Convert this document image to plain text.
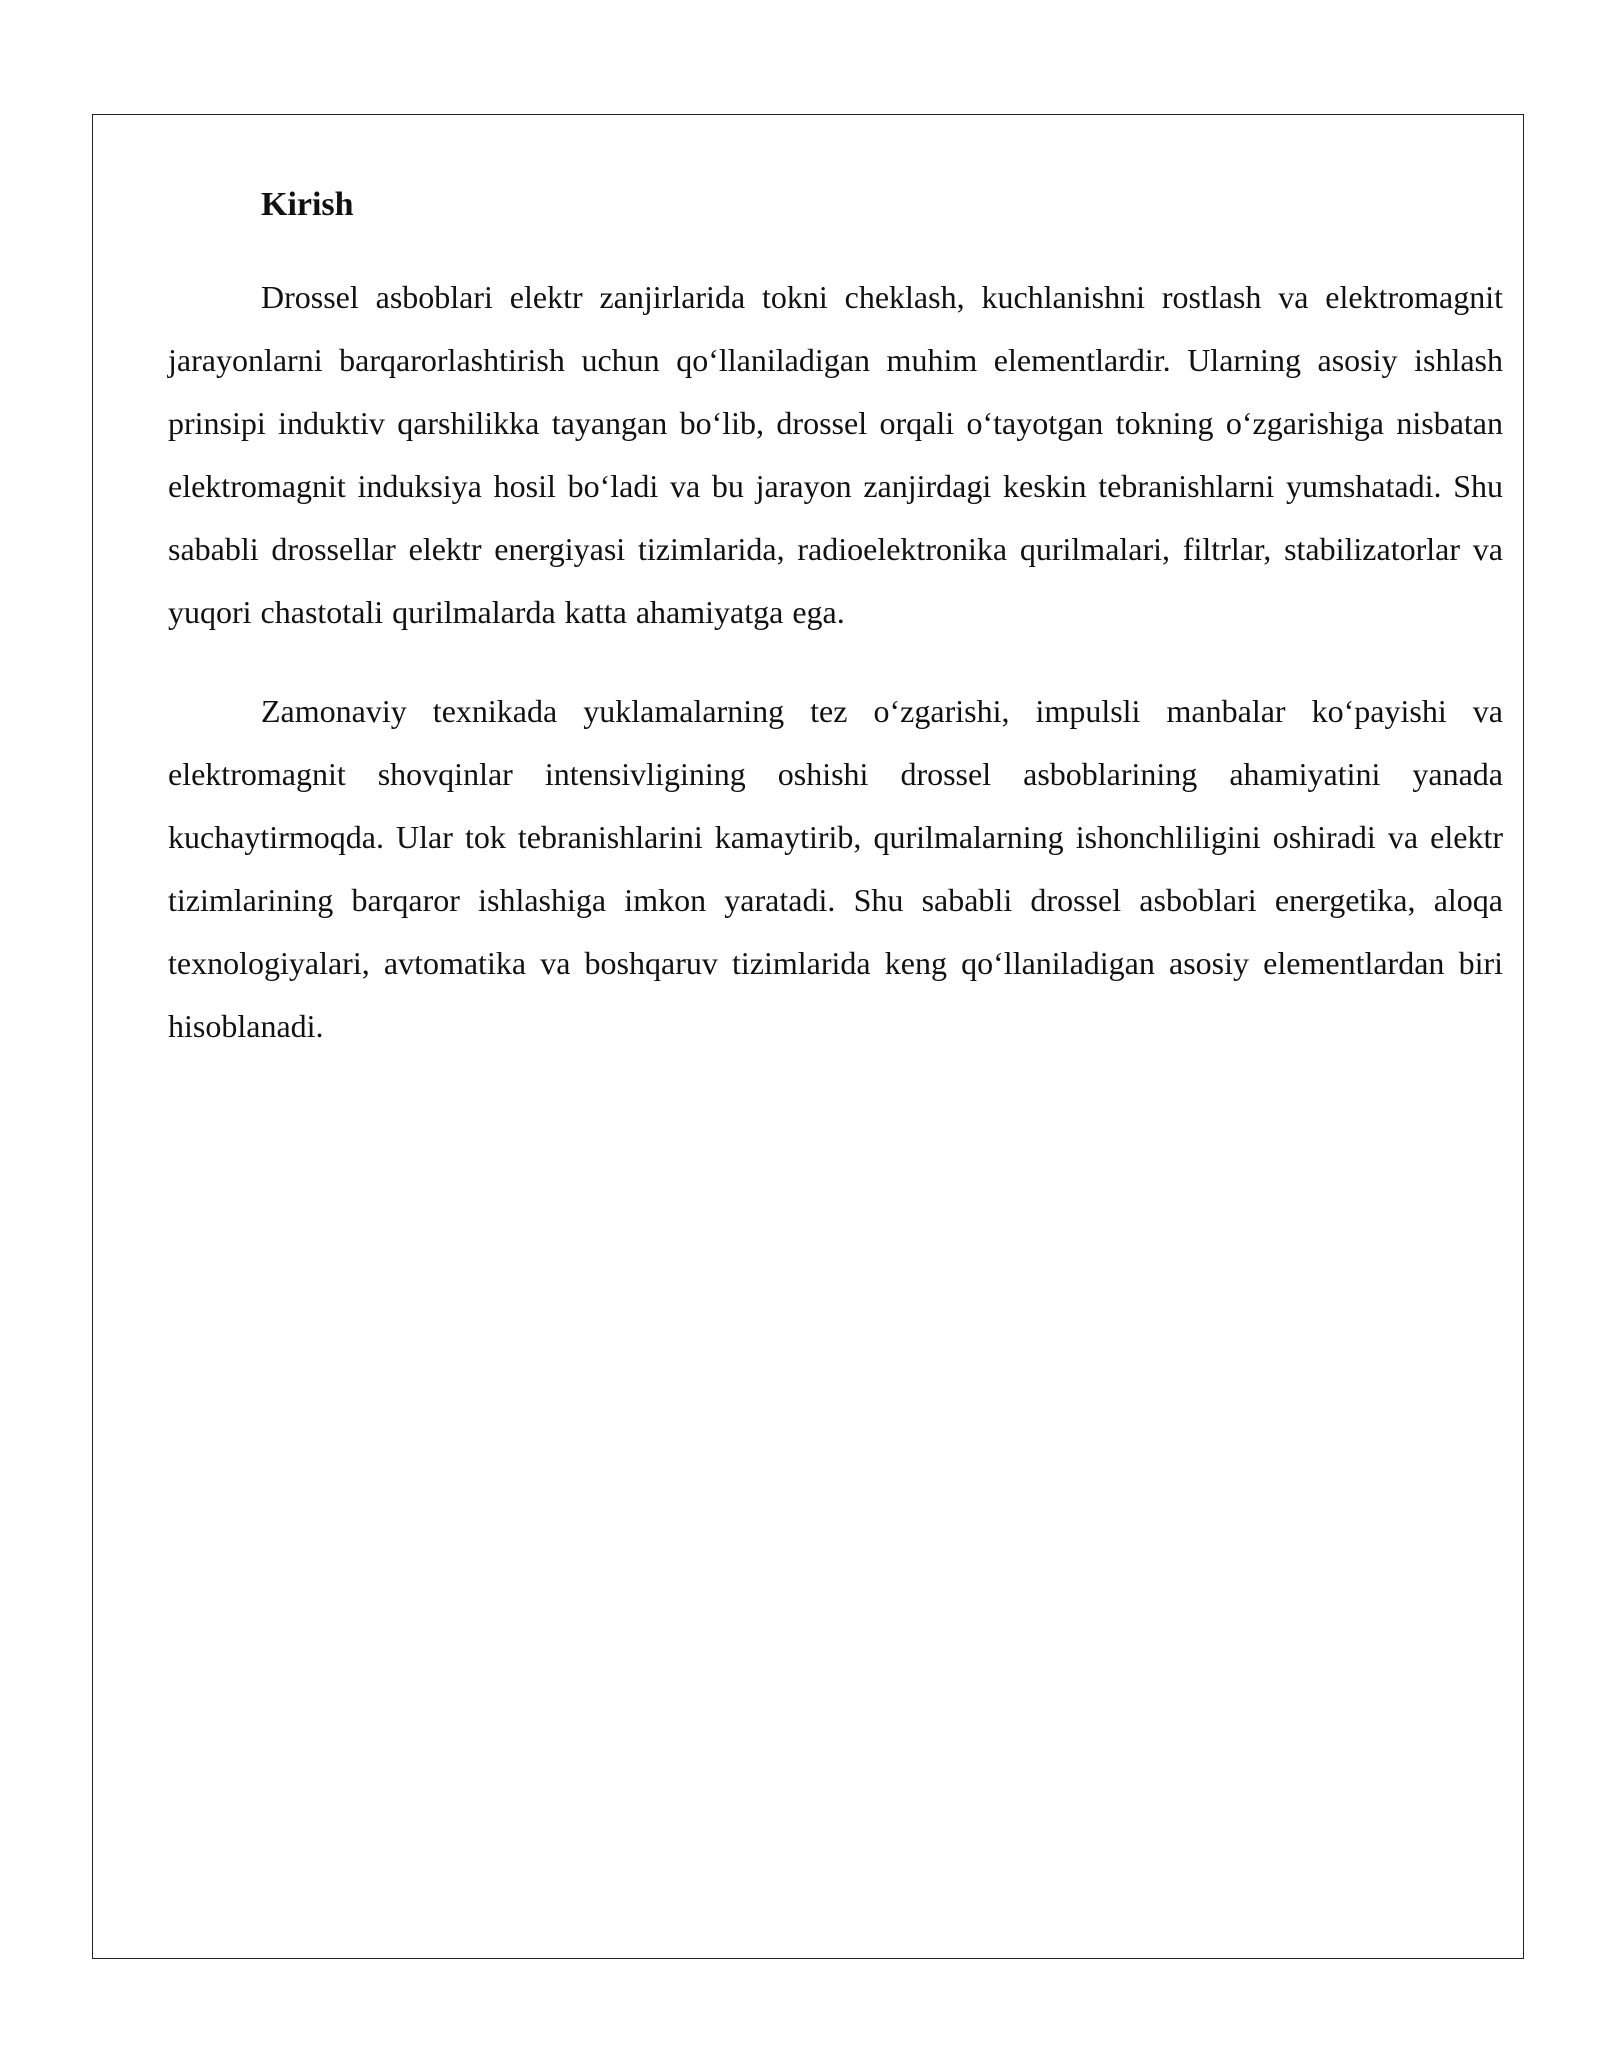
Kirish

Drossel asboblari elektr zanjirlarida tokni cheklash, kuchlanishni rostlash va elektromagnit jarayonlarni barqarorlashtirish uchun qo‘llaniladigan muhim elementlardir. Ularning asosiy ishlash prinsipi induktiv qarshilikka tayangan bo‘lib, drossel orqali o‘tayotgan tokning o‘zgarishiga nisbatan elektromagnit induksiya hosil bo‘ladi va bu jarayon zanjirdagi keskin tebranishlarni yumshatadi. Shu sababli drossellar elektr energiyasi tizimlarida, radioelektronika qurilmalari, filtrlar, stabilizatorlar va yuqori chastotali qurilmalarda katta ahamiyatga ega.

Zamonaviy texnikada yuklamalarning tez o‘zgarishi, impulsli manbalar ko‘payishi va elektromagnit shovqinlar intensivligining oshishi drossel asboblarining ahamiyatini yanada kuchaytirmoqda. Ular tok tebranishlarini kamaytirib, qurilmalarning ishonchliligini oshiradi va elektr tizimlarining barqaror ishlashiga imkon yaratadi. Shu sababli drossel asboblari energetika, aloqa texnologiyalari, avtomatika va boshqaruv tizimlarida keng qo‘llaniladigan asosiy elementlardan biri hisoblanadi.
